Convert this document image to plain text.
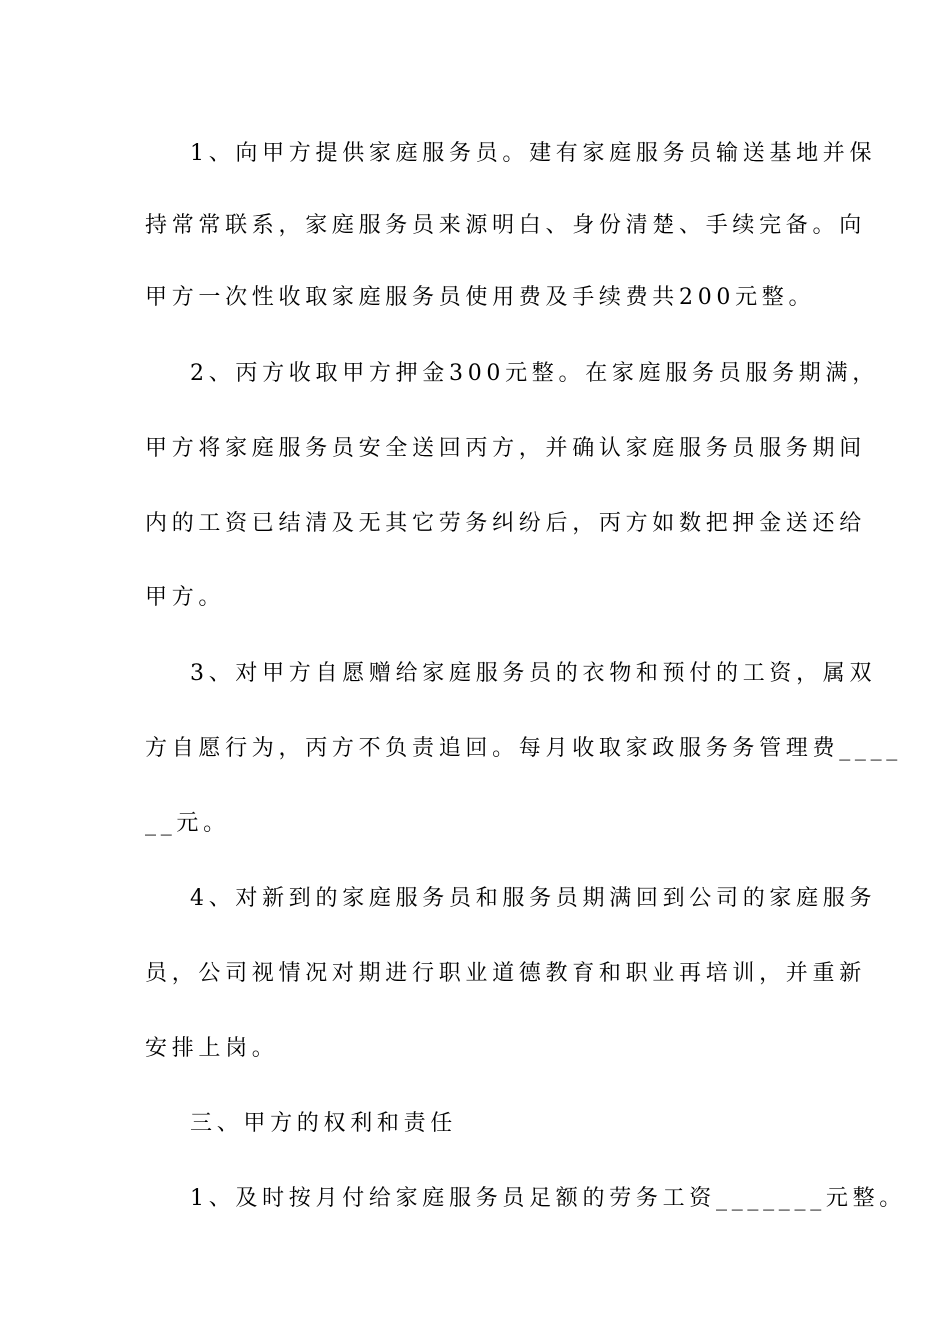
1、向甲方提供家庭服务员。建有家庭服务员输送基地并保
持常常联系，家庭服务员来源明白、身份清楚、手续完备。向
甲方一次性收取家庭服务员使用费及手续费共200元整。
2、丙方收取甲方押金300元整。在家庭服务员服务期满，
甲方将家庭服务员安全送回丙方，并确认家庭服务员服务期间
内的工资已结清及无其它劳务纠纷后，丙方如数把押金送还给
甲方。
3、对甲方自愿赠给家庭服务员的衣物和预付的工资，属双
方自愿行为，丙方不负责追回。每月收取家政服务务管理费____
__元。
4、对新到的家庭服务员和服务员期满回到公司的家庭服务
员，公司视情况对期进行职业道德教育和职业再培训，并重新
安排上岗。
三、甲方的权利和责任
1、及时按月付给家庭服务员足额的劳务工资_______元整。
